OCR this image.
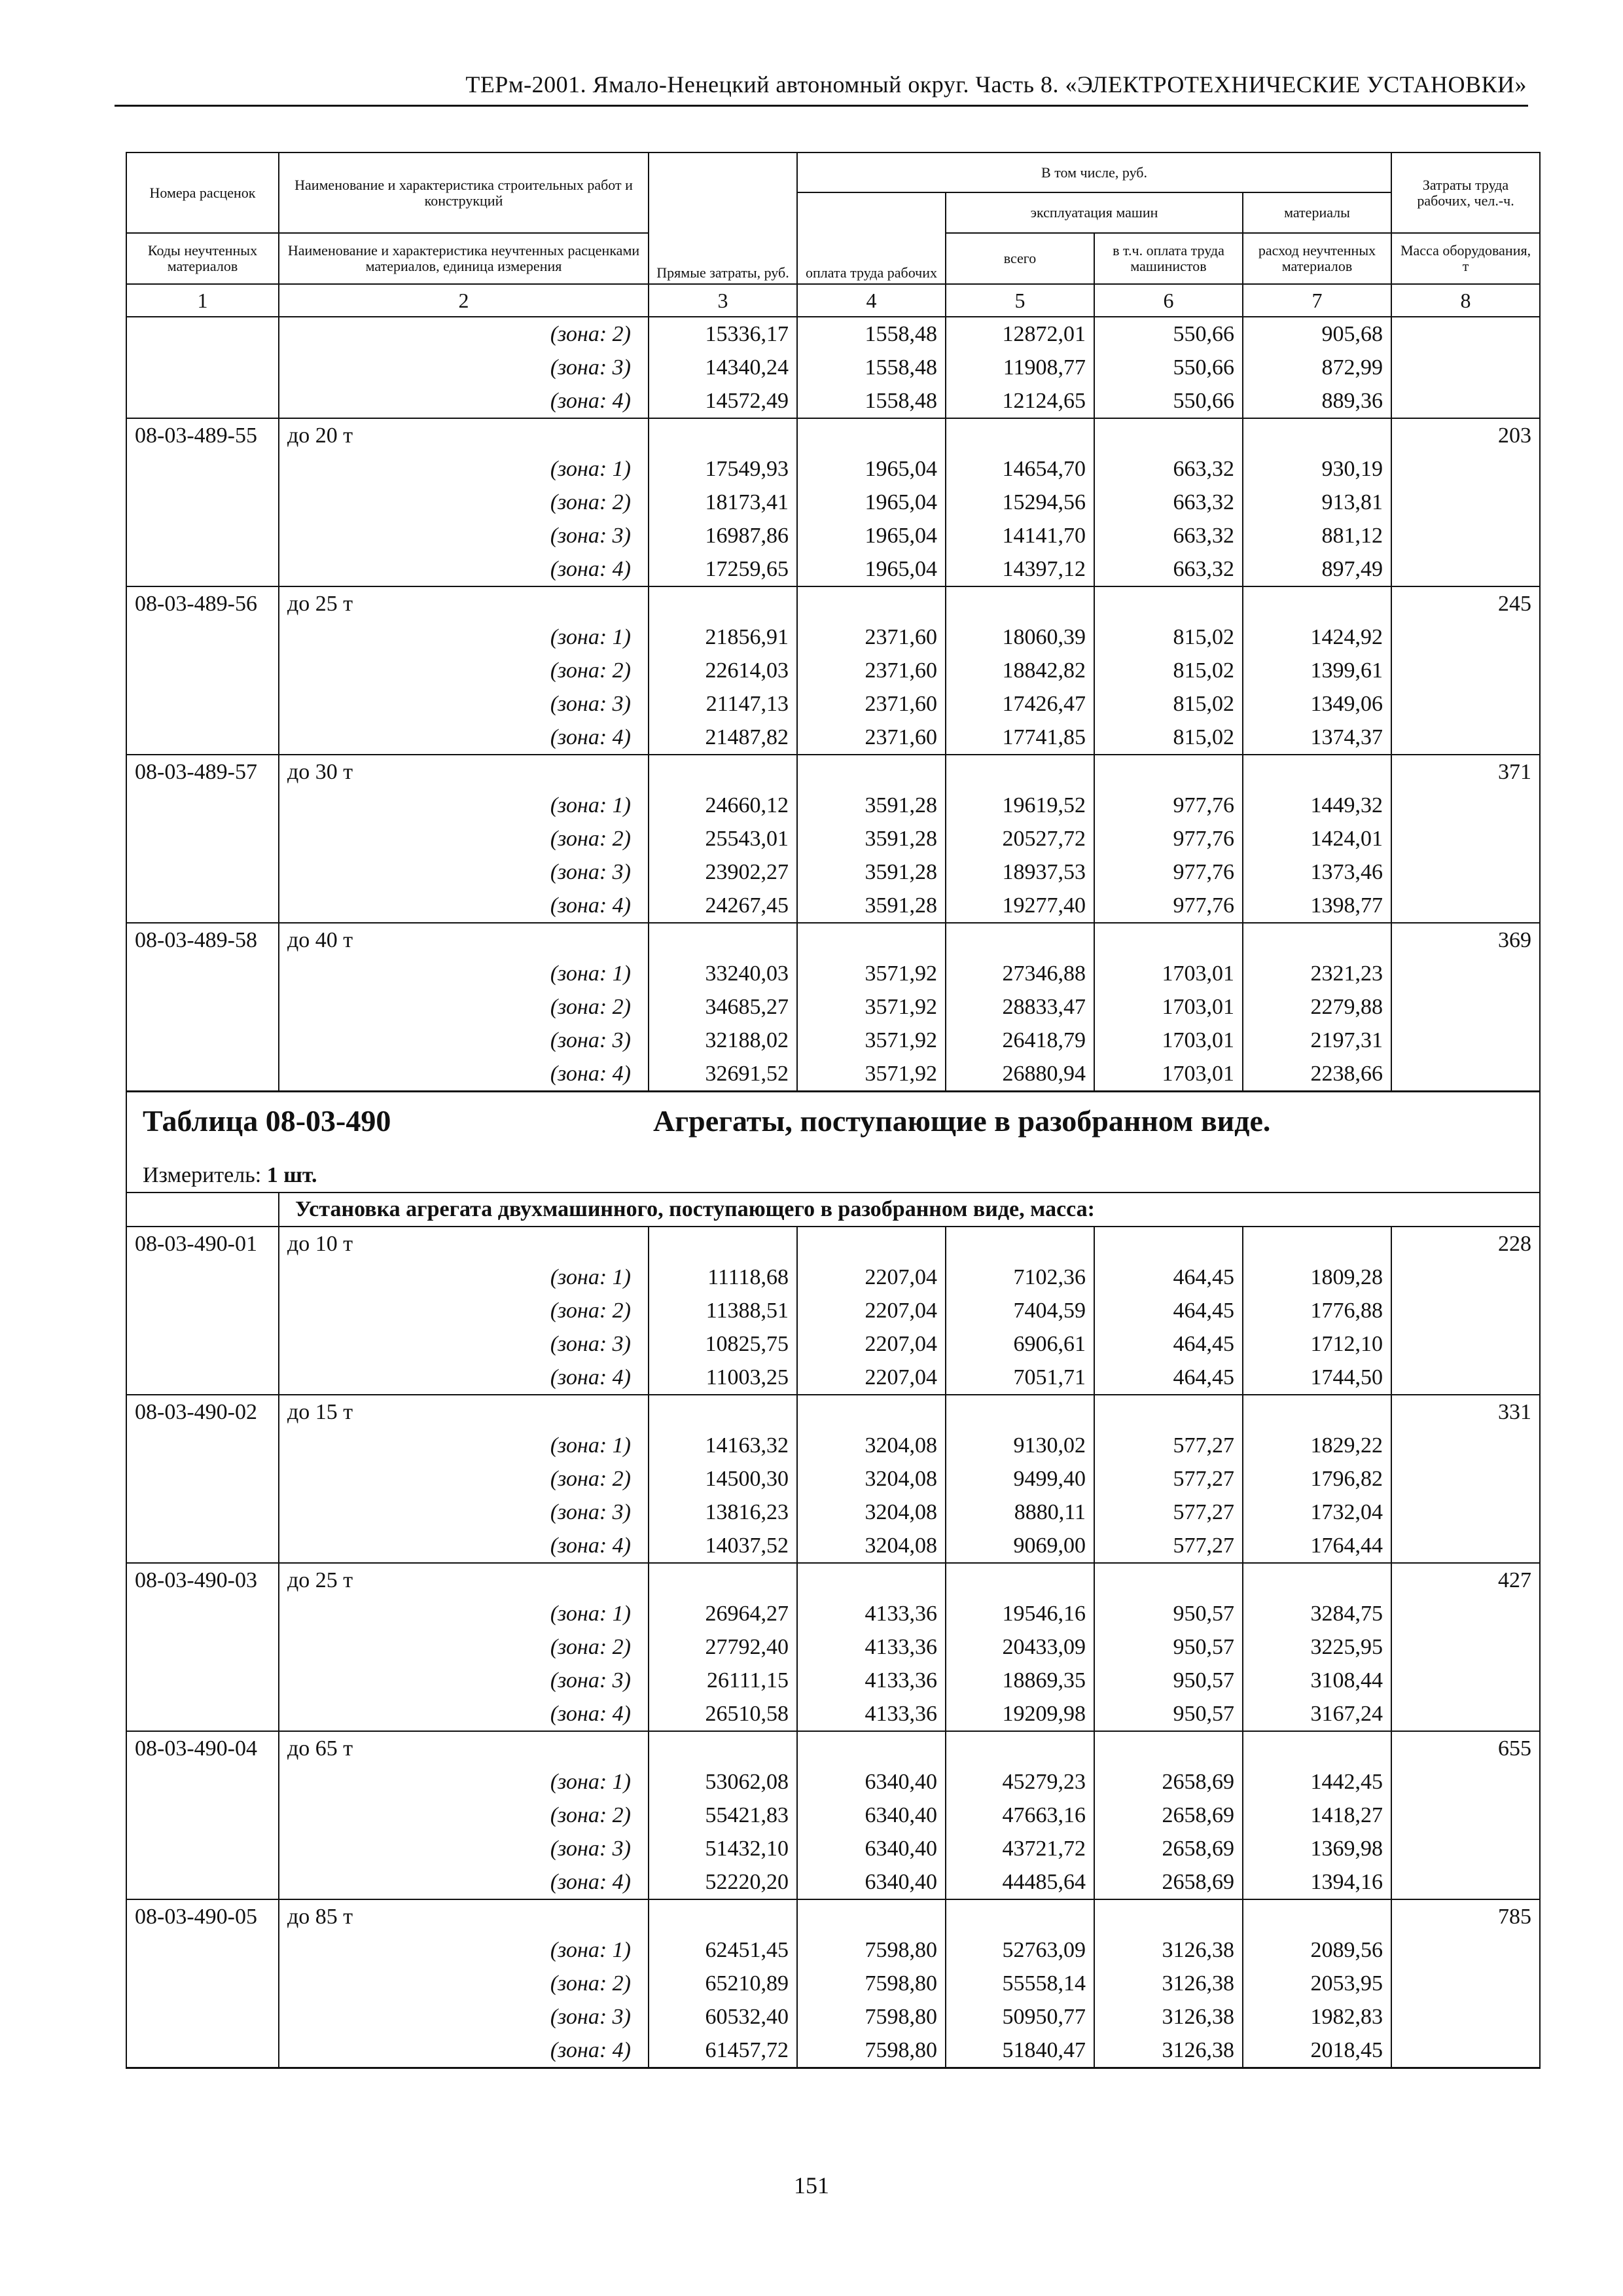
ТЕРм-2001. Ямало-Ненецкий автономный округ. Часть 8. «ЭЛЕКТРОТЕХНИЧЕСКИЕ УСТАНОВКИ»
Номера расценок	Наименование и характеристика строительных работ и конструкций	Прямые затраты, руб.	В том числе, руб.				Затраты труда рабочих, чел.-ч.
			оплата труда рабочих	эксплуатация машин		материалы	
Коды неучтенных материалов	Наименование и характеристика неучтенных расценками материалов, единица измерения			всего	в т.ч. оплата труда машинистов	расход неучтенных материалов	Масса оборудования, т
1	2	3	4	5	6	7	8
	(зона: 2)	15336,17	1558,48	12872,01	550,66	905,68	
	(зона: 3)	14340,24	1558,48	11908,77	550,66	872,99	
	(зона: 4)	14572,49	1558,48	12124,65	550,66	889,36	
08-03-489-55	до 20 т						203
	(зона: 1)	17549,93	1965,04	14654,70	663,32	930,19	
	(зона: 2)	18173,41	1965,04	15294,56	663,32	913,81	
	(зона: 3)	16987,86	1965,04	14141,70	663,32	881,12	
	(зона: 4)	17259,65	1965,04	14397,12	663,32	897,49	
08-03-489-56	до 25 т						245
	(зона: 1)	21856,91	2371,60	18060,39	815,02	1424,92	
	(зона: 2)	22614,03	2371,60	18842,82	815,02	1399,61	
	(зона: 3)	21147,13	2371,60	17426,47	815,02	1349,06	
	(зона: 4)	21487,82	2371,60	17741,85	815,02	1374,37	
08-03-489-57	до 30 т						371
	(зона: 1)	24660,12	3591,28	19619,52	977,76	1449,32	
	(зона: 2)	25543,01	3591,28	20527,72	977,76	1424,01	
	(зона: 3)	23902,27	3591,28	18937,53	977,76	1373,46	
	(зона: 4)	24267,45	3591,28	19277,40	977,76	1398,77	
08-03-489-58	до 40 т						369
	(зона: 1)	33240,03	3571,92	27346,88	1703,01	2321,23	
	(зона: 2)	34685,27	3571,92	28833,47	1703,01	2279,88	
	(зона: 3)	32188,02	3571,92	26418,79	1703,01	2197,31	
	(зона: 4)	32691,52	3571,92	26880,94	1703,01	2238,66	
Таблица 08-03-490 Агрегаты, поступающие в разобранном виде.							
Измеритель: 1 шт.							
	Установка агрегата двухмашинного, поступающего в разобранном виде, масса:						
08-03-490-01	до 10 т						228
	(зона: 1)	11118,68	2207,04	7102,36	464,45	1809,28	
	(зона: 2)	11388,51	2207,04	7404,59	464,45	1776,88	
	(зона: 3)	10825,75	2207,04	6906,61	464,45	1712,10	
	(зона: 4)	11003,25	2207,04	7051,71	464,45	1744,50	
08-03-490-02	до 15 т						331
	(зона: 1)	14163,32	3204,08	9130,02	577,27	1829,22	
	(зона: 2)	14500,30	3204,08	9499,40	577,27	1796,82	
	(зона: 3)	13816,23	3204,08	8880,11	577,27	1732,04	
	(зона: 4)	14037,52	3204,08	9069,00	577,27	1764,44	
08-03-490-03	до 25 т						427
	(зона: 1)	26964,27	4133,36	19546,16	950,57	3284,75	
	(зона: 2)	27792,40	4133,36	20433,09	950,57	3225,95	
	(зона: 3)	26111,15	4133,36	18869,35	950,57	3108,44	
	(зона: 4)	26510,58	4133,36	19209,98	950,57	3167,24	
08-03-490-04	до 65 т						655
	(зона: 1)	53062,08	6340,40	45279,23	2658,69	1442,45	
	(зона: 2)	55421,83	6340,40	47663,16	2658,69	1418,27	
	(зона: 3)	51432,10	6340,40	43721,72	2658,69	1369,98	
	(зона: 4)	52220,20	6340,40	44485,64	2658,69	1394,16	
08-03-490-05	до 85 т						785
	(зона: 1)	62451,45	7598,80	52763,09	3126,38	2089,56	
	(зона: 2)	65210,89	7598,80	55558,14	3126,38	2053,95	
	(зона: 3)	60532,40	7598,80	50950,77	3126,38	1982,83	
	(зона: 4)	61457,72	7598,80	51840,47	3126,38	2018,45	
151
